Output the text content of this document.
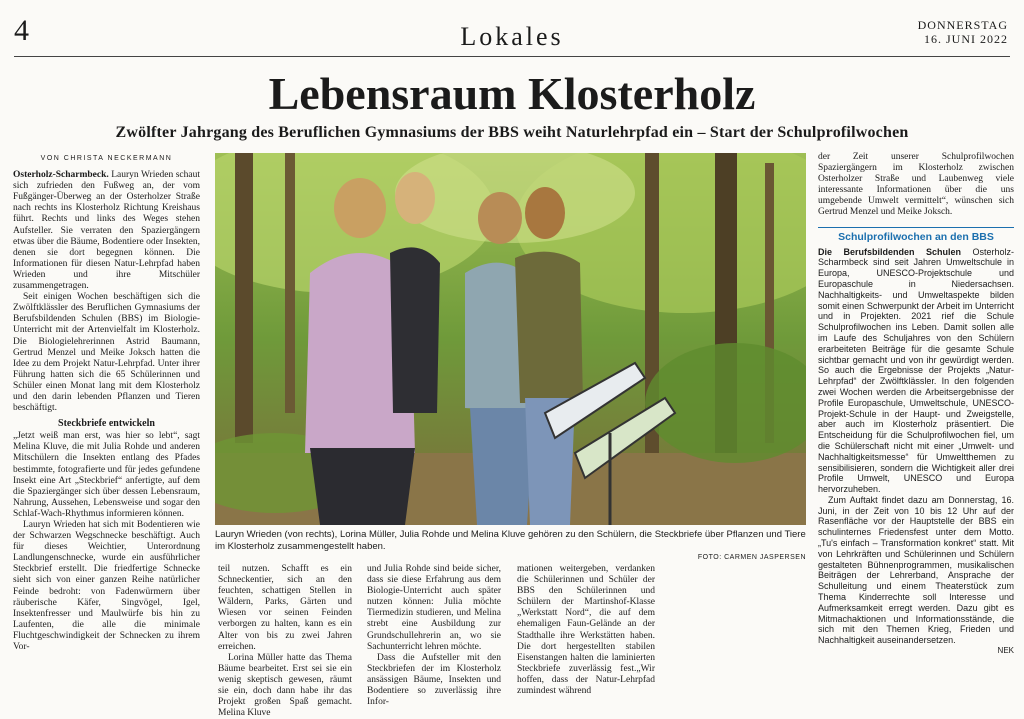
4	Lokales	DONNERSTAG
16. JUNI 2022
Lebensraum Klosterholz
Zwölfter Jahrgang des Beruflichen Gymnasiums der BBS weiht Naturlehrpfad ein – Start der Schulprofilwochen
VON CHRISTA NECKERMANN

Osterholz-Scharmbeck. Lauryn Wrieden schaut sich zufrieden den Fußweg an, der vom Fußgänger-Überweg an der Osterholzer Straße nach rechts ins Klosterholz Richtung Kreishaus führt. Rechts und links des Weges stehen Aufsteller. Sie verraten den Spaziergängern etwas über die Bäume, Bodentiere oder Insekten, denen sie dort begegnen können. Die Informationen für diesen Natur-Lehrpfad haben Wrieden und ihre Mitschüler zusammengetragen.

Seit einigen Wochen beschäftigen sich die Zwölftklässler des Beruflichen Gymnasiums der Berufsbildenden Schulen (BBS) im Biologie-Unterricht mit der Artenvielfalt im Klosterholz. Die Biologielehrerinnen Astrid Baumann, Gertrud Menzel und Meike Joksch hatten die Idee zu dem Projekt Natur-Lehrpfad. Unter ihrer Führung hatten sich die 65 Schülerinnen und Schüler einen Monat lang mit dem Klosterholz und den darin lebenden Pflanzen und Tieren beschäftigt.

Steckbriefe entwickeln

„Jetzt weiß man erst, was hier so lebt“, sagt Melina Kluve, die mit Julia Rohde und anderen Mitschülern die Insekten entlang des Pfades bestimmte, fotografierte und für jedes gefundene Insekt eine Art „Steckbrief“ anfertigte, auf dem die Spaziergänger sich über dessen Lebensraum, Nahrung, Aussehen, Lebensweise und sogar den Schlaf-Wach-Rhythmus informieren können.

Lauryn Wrieden hat sich mit Bodentieren wie der Schwarzen Wegschnecke beschäftigt. Auch für dieses Weichtier, Unterordnung Landlungenschnecke, wurde ein ausführlicher Steckbrief erstellt. Die friedfertige Schnecke sieht sich von einer ganzen Reihe natürlicher Feinde bedroht: von Fadenwürmern über räuberische Käfer, Singvögel, Igel, Insektenfresser und Maulwürfe bis hin zu Laufenten, die alle die minimale Fluchtgeschwindigkeit der Schnecken zu ihrem Vor-

Lauryn Wrieden (von rechts), Lorina Müller, Julia Rohde und Melina Kluve gehören zu den Schülern, die Steckbriefe über Pflanzen und Tiere im Klosterholz zusammengestellt haben.
FOTO: CARMEN JASPERSEN

teil nutzen. Schafft es ein Schneckentier, sich an den feuchten, schattigen Stellen in Wäldern, Parks, Gärten und Wiesen vor seinen Feinden verborgen zu halten, kann es ein Alter von bis zu zwei Jahren erreichen.

Lorina Müller hatte das Thema Bäume bearbeitet. Erst sei sie ein wenig skeptisch gewesen, räumt sie ein, doch dann habe ihr das Projekt großen Spaß gemacht. Melina Kluve

und Julia Rohde sind beide sicher, dass sie diese Erfahrung aus dem Biologie-Unterricht auch später nutzen können: Julia möchte Tiermedizin studieren, und Melina strebt eine Ausbildung zur Grundschullehrerin an, wo sie Sachunterricht lehren möchte.

Dass die Aufsteller mit den Steckbriefen der im Klosterholz ansässigen Bäume, Insekten und Bodentiere so zuverlässig ihre Infor-

mationen weitergeben, verdanken die Schülerinnen und Schüler der BBS den Schülerinnen und Schülern der Martinshof-Klasse „Werkstatt Nord“, die auf dem ehemaligen Faun-Gelände an der Stadthalle ihre Werkstätten haben. Die dort hergestellten stabilen Eisenstangen halten die laminierten Steckbriefe zuverlässig fest.„Wir hoffen, dass der Natur-Lehrpfad zumindest während

der Zeit unserer Schulprofilwochen Spaziergängern im Klosterholz zwischen Osterholzer Straße und Laubenweg viele interessante Informationen über die uns umgebende Umwelt vermittelt“, wünschen sich Gertrud Menzel und Meike Joksch.

Schulprofilwochen an den BBS

Die Berufsbildenden Schulen Osterholz-Scharmbeck sind seit Jahren Umweltschule in Europa, UNESCO-Projektschule und Europaschule in Niedersachsen. Nachhaltigkeits- und Umweltaspekte bilden somit einen Schwerpunkt der Arbeit im Unterricht und in Projekten. 2021 rief die Schule Schulprofilwochen ins Leben. Damit sollen alle im Laufe des Schuljahres von den Schülern erarbeiteten Beiträge für die gesamte Schule sichtbar gemacht und von ihr gewürdigt werden. So auch die Ergebnisse der Projekts „Natur-Lehrpfad“ der Zwölftklässler. In den folgenden zwei Wochen werden die Arbeitsergebnisse der Profile Europaschule, Umweltschule, UNESCO-Projekt-Schule in der Haupt- und Zweigstelle, aber auch im Klosterholz präsentiert. Die Entscheidung für die Schulprofilwochen fiel, um die Schülerschaft nicht mit einer „Umwelt- und Nachhaltigkeitsmesse“ für Umweltthemen zu sensibilisieren, sondern die Wichtigkeit aller drei Profile Umwelt, UNESCO und Europa hervorzuheben.

Zum Auftakt findet dazu am Donnerstag, 16. Juni, in der Zeit von 10 bis 12 Uhr auf der Rasenfläche vor der Hauptstelle der BBS ein schulinternes Friedensfest unter dem Motto. „Tu's einfach – Transformation konkret“ statt. Mit von Lehrkräften und Schülerinnen und Schülern gestalteten Bühnenprogrammen, musikalischen Beiträgen der Lehrerband, Ansprache der Schulleitung und einem Theaterstück zum Thema Kinderrechte soll Interesse und Aufmerksamkeit erregt werden. Dazu gibt es Mitmachaktionen und Informationsstände, die sich mit den Themen Krieg, Frieden und Nachhaltigkeit auseinandersetzen.

NEK
